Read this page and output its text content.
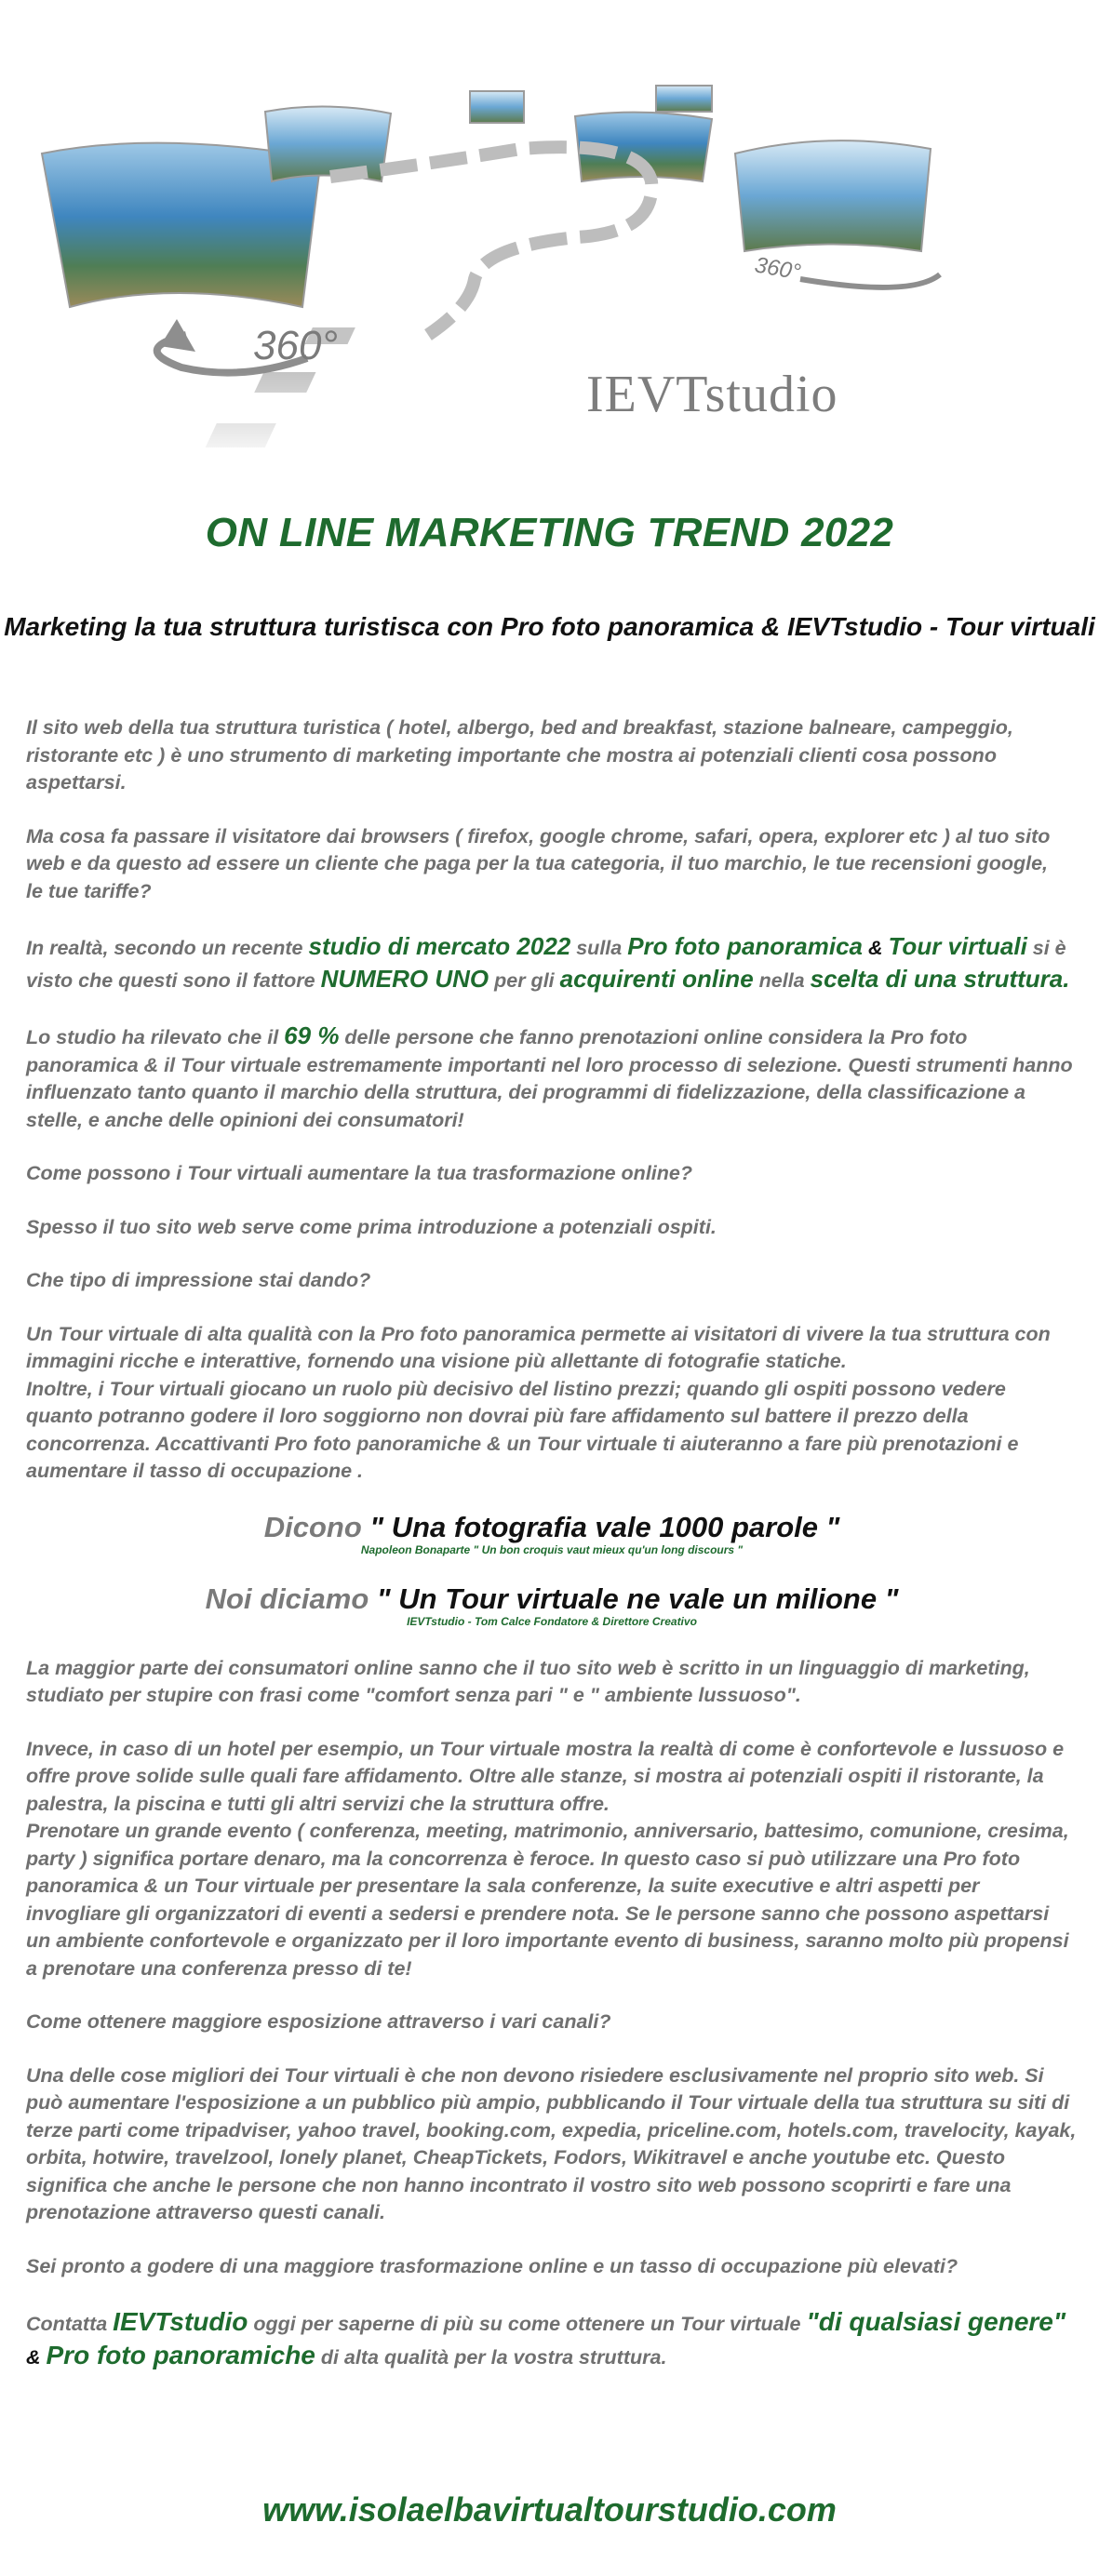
360°
360°
IEVTstudio
ON LINE MARKETING TREND 2022
Marketing la tua struttura turistisca con Pro foto panoramica & IEVTstudio - Tour virtuali

Il sito web della tua struttura turistica ( hotel, albergo, bed and breakfast, stazione balneare, campeggio, ristorante etc ) è uno strumento di marketing importante che mostra ai potenziali clienti cosa possono aspettarsi.

Ma cosa fa passare il visitatore dai browsers ( firefox, google chrome, safari, opera, explorer etc ) al tuo sito web e da questo ad essere un cliente che paga per la tua categoria, il tuo marchio, le tue recensioni google,
le tue tariffe?

In realtà, secondo un recente studio di mercato 2022 sulla Pro foto panoramica & Tour virtuali si è visto che questi sono il fattore NUMERO UNO per gli acquirenti online nella scelta di una struttura.

Lo studio ha rilevato che il 69 % delle persone che fanno prenotazioni online considera la Pro foto panoramica & il Tour virtuale estremamente importanti nel loro processo di selezione. Questi strumenti hanno influenzato tanto quanto il marchio della struttura, dei programmi di fidelizzazione, della classificazione a stelle, e anche delle opinioni dei consumatori!

Come possono i Tour virtuali aumentare la tua trasformazione online?

Spesso il tuo sito web serve come prima introduzione a potenziali ospiti.

Che tipo di impressione stai dando?

Un Tour virtuale di alta qualità con la Pro foto panoramica permette ai visitatori di vivere la tua struttura con immagini ricche e interattive, fornendo una visione più allettante di fotografie statiche.
Inoltre, i Tour virtuali giocano un ruolo più decisivo del listino prezzi; quando gli ospiti possono vedere quanto potranno godere il loro soggiorno non dovrai più fare affidamento sul battere il prezzo della concorrenza. Accattivanti Pro foto panoramiche & un Tour virtuale ti aiuteranno a fare più prenotazioni e aumentare il tasso di occupazione .

Dicono " Una fotografia vale 1000 parole "
Napoleon Bonaparte " Un bon croquis vaut mieux qu'un long discours "
Noi diciamo " Un Tour virtuale ne vale un milione "
IEVTstudio - Tom Calce Fondatore & Direttore Creativo

La maggior parte dei consumatori online sanno che il tuo sito web è scritto in un linguaggio di marketing, studiato per stupire con frasi come "comfort senza pari " e " ambiente lussuoso".

Invece, in caso di un hotel per esempio, un Tour virtuale mostra la realtà di come è confortevole e lussuoso e offre prove solide sulle quali fare affidamento. Oltre alle stanze, si mostra ai potenziali ospiti il ristorante, la palestra, la piscina e tutti gli altri servizi che la struttura offre.
Prenotare un grande evento ( conferenza, meeting, matrimonio, anniversario, battesimo, comunione, cresima, party ) significa portare denaro, ma la concorrenza è feroce. In questo caso si può utilizzare una Pro foto panoramica & un Tour virtuale per presentare la sala conferenze, la suite executive e altri aspetti per invogliare gli organizzatori di eventi a sedersi e prendere nota. Se le persone sanno che possono aspettarsi un ambiente confortevole e organizzato per il loro importante evento di business, saranno molto più propensi a prenotare una conferenza presso di te!

Come ottenere maggiore esposizione attraverso i vari canali?

Una delle cose migliori dei Tour virtuali è che non devono risiedere esclusivamente nel proprio sito web. Si può aumentare l'esposizione a un pubblico più ampio, pubblicando il Tour virtuale della tua struttura su siti di terze parti come tripadviser, yahoo travel, booking.com, expedia, priceline.com, hotels.com, travelocity, kayak, orbita, hotwire, travelzool, lonely planet, CheapTickets, Fodors, Wikitravel e anche youtube etc. Questo significa che anche le persone che non hanno incontrato il vostro sito web possono scoprirti e fare una prenotazione attraverso questi canali.

Sei pronto a godere di una maggiore trasformazione online e un tasso di occupazione più elevati?

Contatta IEVTstudio oggi per saperne di più su come ottenere un Tour virtuale "di qualsiasi genere" & Pro foto panoramiche di alta qualità per la vostra struttura.

www.isolaelbavirtualtourstudio.com
